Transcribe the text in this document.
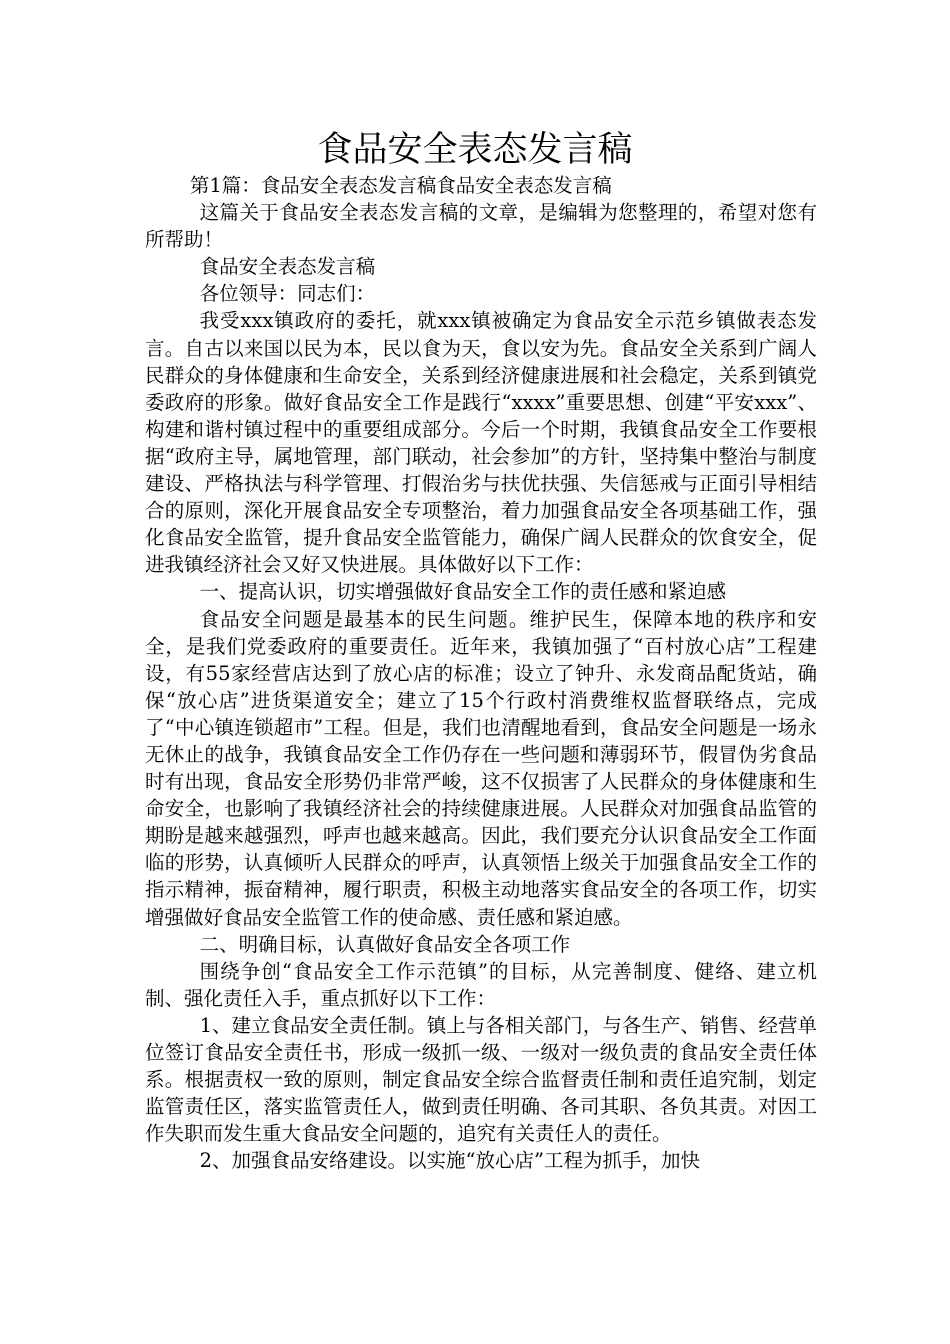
食品安全表态发言稿

第1篇：食品安全表态发言稿食品安全表态发言稿

这篇关于食品安全表态发言稿的文章，是编辑为您整理的，希望对您有所帮助！

食品安全表态发言稿

各位领导：同志们：

我受xxx镇政府的委托，就xxx镇被确定为食品安全示范乡镇做表态发言。自古以来国以民为本，民以食为天，食以安为先。食品安全关系到广阔人民群众的身体健康和生命安全，关系到经济健康进展和社会稳定，关系到镇党委政府的形象。做好食品安全工作是践行“xxxx”重要思想、创建“平安xxx”、构建和谐村镇过程中的重要组成部分。今后一个时期，我镇食品安全工作要根据“政府主导，属地管理，部门联动，社会参加”的方针，坚持集中整治与制度建设、严格执法与科学管理、打假治劣与扶优扶强、失信惩戒与正面引导相结合的原则，深化开展食品安全专项整治，着力加强食品安全各项基础工作，强化食品安全监管，提升食品安全监管能力，确保广阔人民群众的饮食安全，促进我镇经济社会又好又快进展。具体做好以下工作：

一、提高认识，切实增强做好食品安全工作的责任感和紧迫感

食品安全问题是最基本的民生问题。维护民生，保障本地的秩序和安全，是我们党委政府的重要责任。近年来，我镇加强了“百村放心店”工程建设，有55家经营店达到了放心店的标准；设立了钟升、永发商品配货站，确保“放心店”进货渠道安全；建立了15个行政村消费维权监督联络点，完成了“中心镇连锁超市”工程。但是，我们也清醒地看到，食品安全问题是一场永无休止的战争，我镇食品安全工作仍存在一些问题和薄弱环节，假冒伪劣食品时有出现，食品安全形势仍非常严峻，这不仅损害了人民群众的身体健康和生命安全，也影响了我镇经济社会的持续健康进展。人民群众对加强食品监管的期盼是越来越强烈，呼声也越来越高。因此，我们要充分认识食品安全工作面临的形势，认真倾听人民群众的呼声，认真领悟上级关于加强食品安全工作的指示精神，振奋精神，履行职责，积极主动地落实食品安全的各项工作，切实增强做好食品安全监管工作的使命感、责任感和紧迫感。

二、明确目标，认真做好食品安全各项工作

围绕争创“食品安全工作示范镇”的目标，从完善制度、健络、建立机制、强化责任入手，重点抓好以下工作：

1、建立食品安全责任制。镇上与各相关部门，与各生产、销售、经营单位签订食品安全责任书，形成一级抓一级、一级对一级负责的食品安全责任体系。根据责权一致的原则，制定食品安全综合监督责任制和责任追究制，划定监管责任区，落实监管责任人，做到责任明确、各司其职、各负其责。对因工作失职而发生重大食品安全问题的，追究有关责任人的责任。

2、加强食品安络建设。以实施“放心店”工程为抓手，加快
